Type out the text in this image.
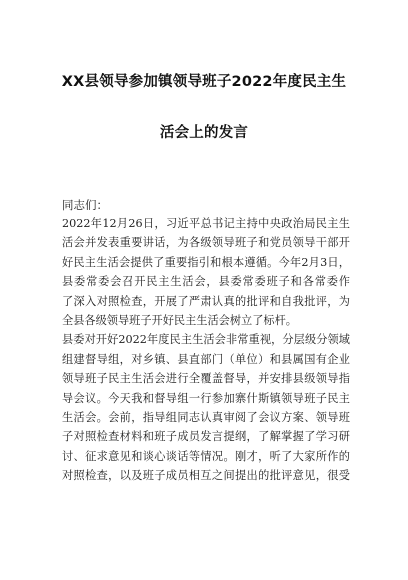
XX县领导参加镇领导班子2022年度民主生
活会上的发言
同志们：
2022年12月26日，习近平总书记主持中央政治局民主生
活会并发表重要讲话，为各级领导班子和党员领导干部开
好民主生活会提供了重要指引和根本遵循。今年2月3日，
县委常委会召开民主生活会，县委常委班子和各常委作
了深入对照检查，开展了严肃认真的批评和自我批评，为
全县各级领导班子开好民主生活会树立了标杆。
县委对开好2022年度民主生活会非常重视，分层级分领域
组建督导组，对乡镇、县直部门（单位）和县属国有企业
领导班子民主生活会进行全覆盖督导，并安排县级领导指
导会议。今天我和督导组一行参加寨什斯镇领导班子民主
生活会。会前，指导组同志认真审阅了会议方案、领导班
子对照检查材料和班子成员发言提纲，了解掌握了学习研
讨、征求意见和谈心谈话等情况。刚才，听了大家所作的
对照检查，以及班子成员相互之间提出的批评意见，很受
